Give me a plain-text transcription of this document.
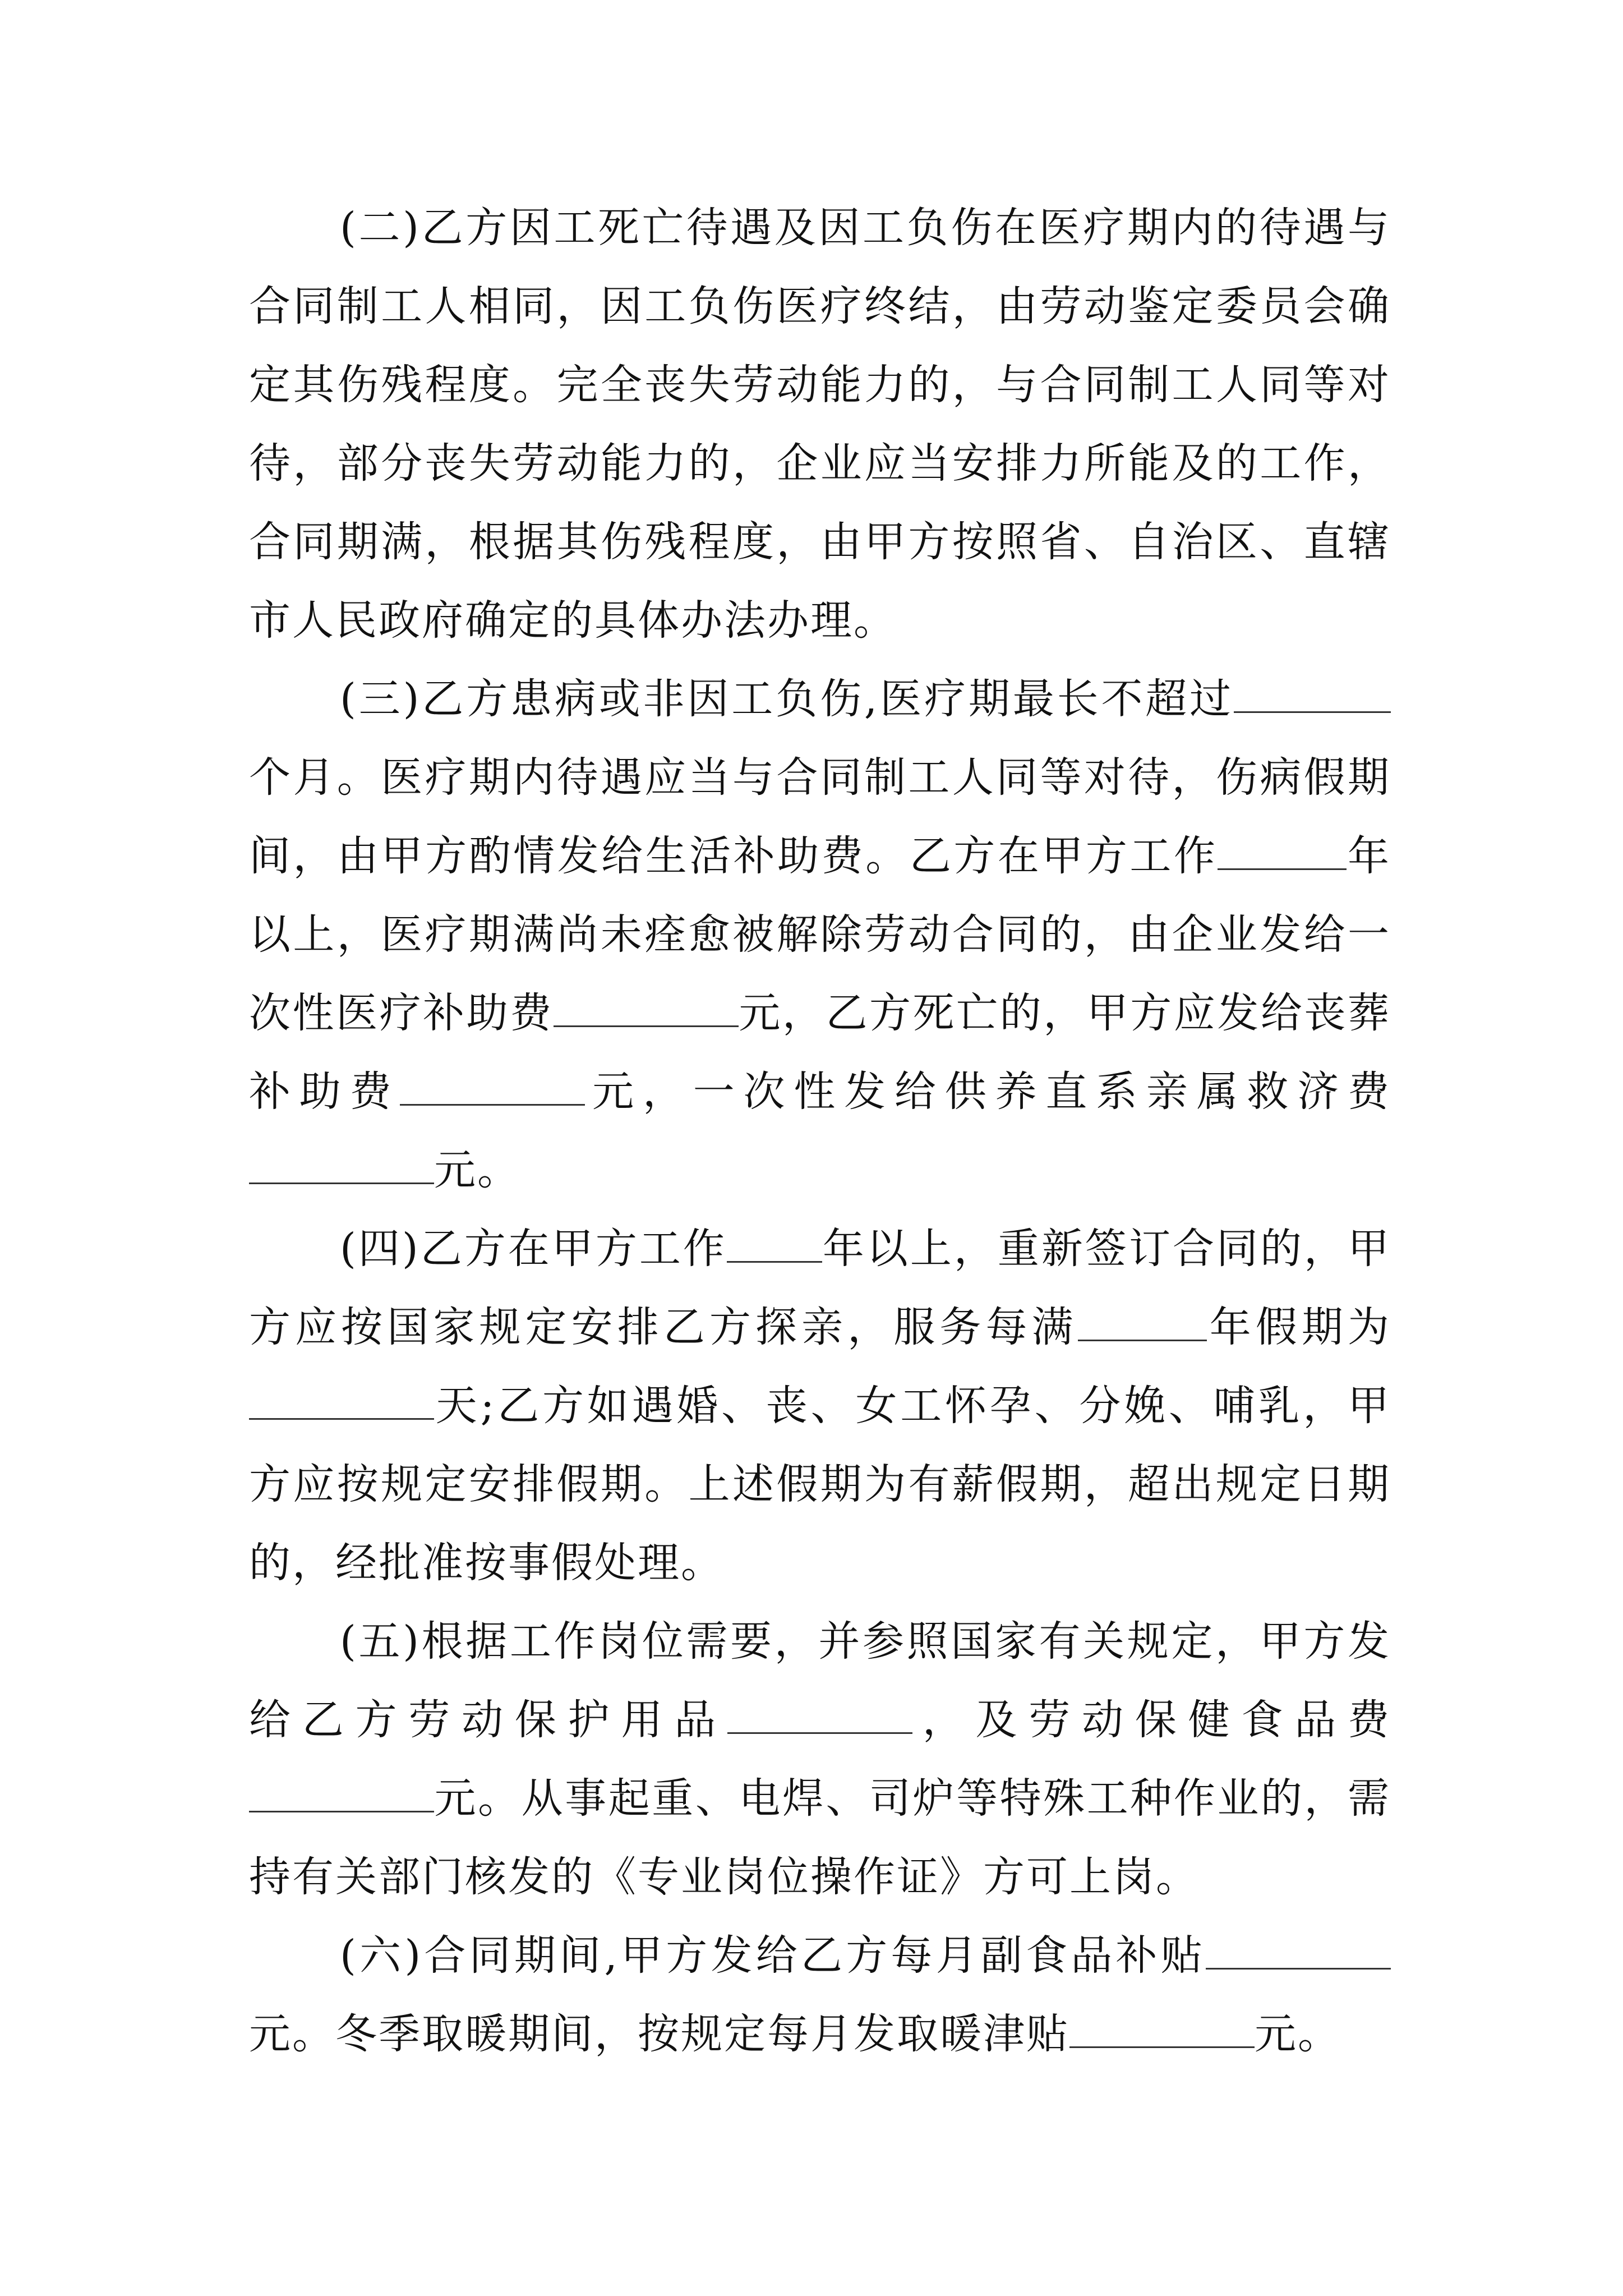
(二)乙方因工死亡待遇及因工负伤在医疗期内的待遇与合同制工人相同，因工负伤医疗终结，由劳动鉴定委员会确定其伤残程度。完全丧失劳动能力的，与合同制工人同等对待，部分丧失劳动能力的，企业应当安排力所能及的工作，合同期满，根据其伤残程度，由甲方按照省、自治区、直辖市人民政府确定的具体办法办理。

(三)乙方患病或非因工负伤,医疗期最长不超过个月。医疗期内待遇应当与合同制工人同等对待，伤病假期间，由甲方酌情发给生活补助费。乙方在甲方工作	年以上，医疗期满尚未痊愈被解除劳动合同的，由企业发给一次性医疗补助费	元，乙方死亡的，甲方应发给丧葬补助费	元，一次性发给供养直系亲属救济费元。

(四)乙方在甲方工作 年以上，重新签订合同的，甲方应按国家规定安排乙方探亲，服务每满	年假期为天;乙方如遇婚、丧、女工怀孕、分娩、哺乳，甲方应按规定安排假期。上述假期为有薪假期，超出规定日期的，经批准按事假处理。

(五)根据工作岗位需要，并参照国家有关规定，甲方发给乙方劳动保护用品	，及劳动保健食品费元。从事起重、电焊、司炉等特殊工种作业的，需持有关部门核发的《专业岗位操作证》方可上岗。

(六)合同期间,甲方发给乙方每月副食品补贴元。冬季取暖期间，按规定每月发取暖津贴	元。
